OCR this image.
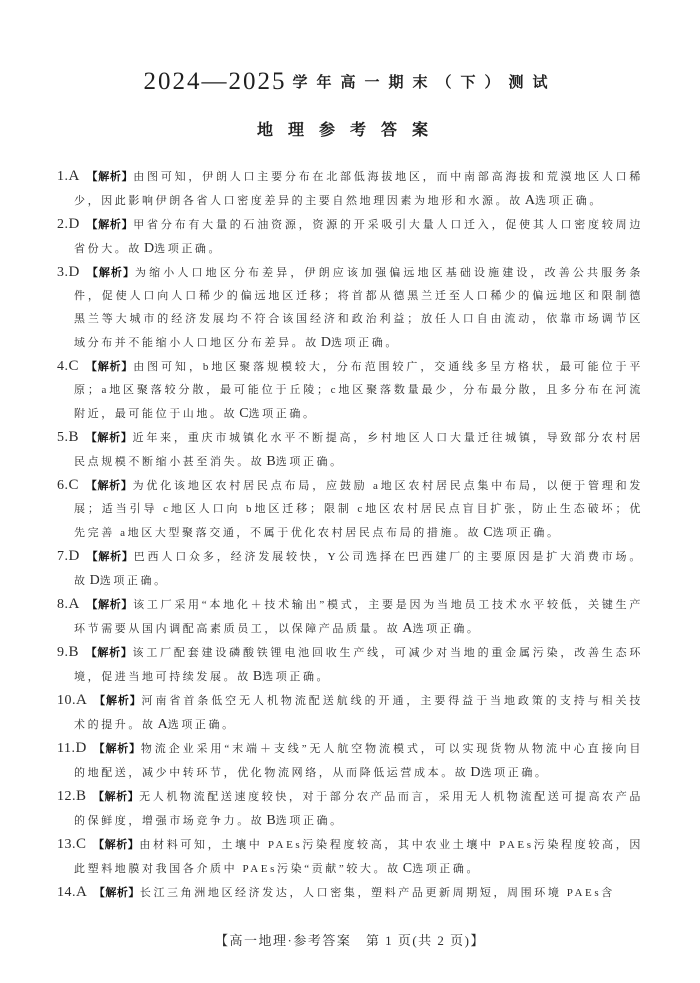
2024—2025 学年高一期末（下）测试
地理参考答案

1.A 【解析】由图可知，伊朗人口主要分布在北部低海拔地区，而中南部高海拔和荒漠地区人口稀少，因此影响伊朗各省人口密度差异的主要自然地理因素为地形和水源。故 A选项正确。

2.D 【解析】甲省分布有大量的石油资源，资源的开采吸引大量人口迁入，促使其人口密度较周边省份大。故 D选项正确。

3.D 【解析】为缩小人口地区分布差异，伊朗应该加强偏远地区基础设施建设，改善公共服务条件，促使人口向人口稀少的偏远地区迁移；将首都从德黑兰迁至人口稀少的偏远地区和限制德黑兰等大城市的经济发展均不符合该国经济和政治利益；放任人口自由流动，依靠市场调节区域分布并不能缩小人口地区分布差异。故 D选项正确。

4.C 【解析】由图可知，b地区聚落规模较大，分布范围较广，交通线多呈方格状，最可能位于平原；a地区聚落较分散，最可能位于丘陵；c地区聚落数量最少，分布最分散，且多分布在河流附近，最可能位于山地。故 C选项正确。

5.B 【解析】近年来，重庆市城镇化水平不断提高，乡村地区人口大量迁往城镇，导致部分农村居民点规模不断缩小甚至消失。故 B选项正确。

6.C 【解析】为优化该地区农村居民点布局，应鼓励 a地区农村居民点集中布局，以便于管理和发展；适当引导 c地区人口向 b地区迁移；限制 c地区农村居民点盲目扩张，防止生态破坏；优先完善 a地区大型聚落交通，不属于优化农村居民点布局的措施。故 C选项正确。

7.D 【解析】巴西人口众多，经济发展较快，Y公司选择在巴西建厂的主要原因是扩大消费市场。故 D选项正确。

8.A 【解析】该工厂采用“本地化＋技术输出”模式，主要是因为当地员工技术水平较低，关键生产环节需要从国内调配高素质员工，以保障产品质量。故 A选项正确。

9.B 【解析】该工厂配套建设磷酸铁锂电池回收生产线，可减少对当地的重金属污染，改善生态环境，促进当地可持续发展。故 B选项正确。

10.A 【解析】河南省首条低空无人机物流配送航线的开通，主要得益于当地政策的支持与相关技术的提升。故 A选项正确。

11.D 【解析】物流企业采用“末端＋支线”无人航空物流模式，可以实现货物从物流中心直接向目的地配送，减少中转环节，优化物流网络，从而降低运营成本。故 D选项正确。

12.B 【解析】无人机物流配送速度较快，对于部分农产品而言，采用无人机物流配送可提高农产品的保鲜度，增强市场竞争力。故 B选项正确。

13.C 【解析】由材料可知，土壤中 PAEs污染程度较高，其中农业土壤中 PAEs污染程度较高，因此塑料地膜对我国各介质中 PAEs污染“贡献”较大。故 C选项正确。

14.A 【解析】长江三角洲地区经济发达，人口密集，塑料产品更新周期短，周围环境 PAEs含

【高一地理·参考答案　第 1 页(共 2 页)】
